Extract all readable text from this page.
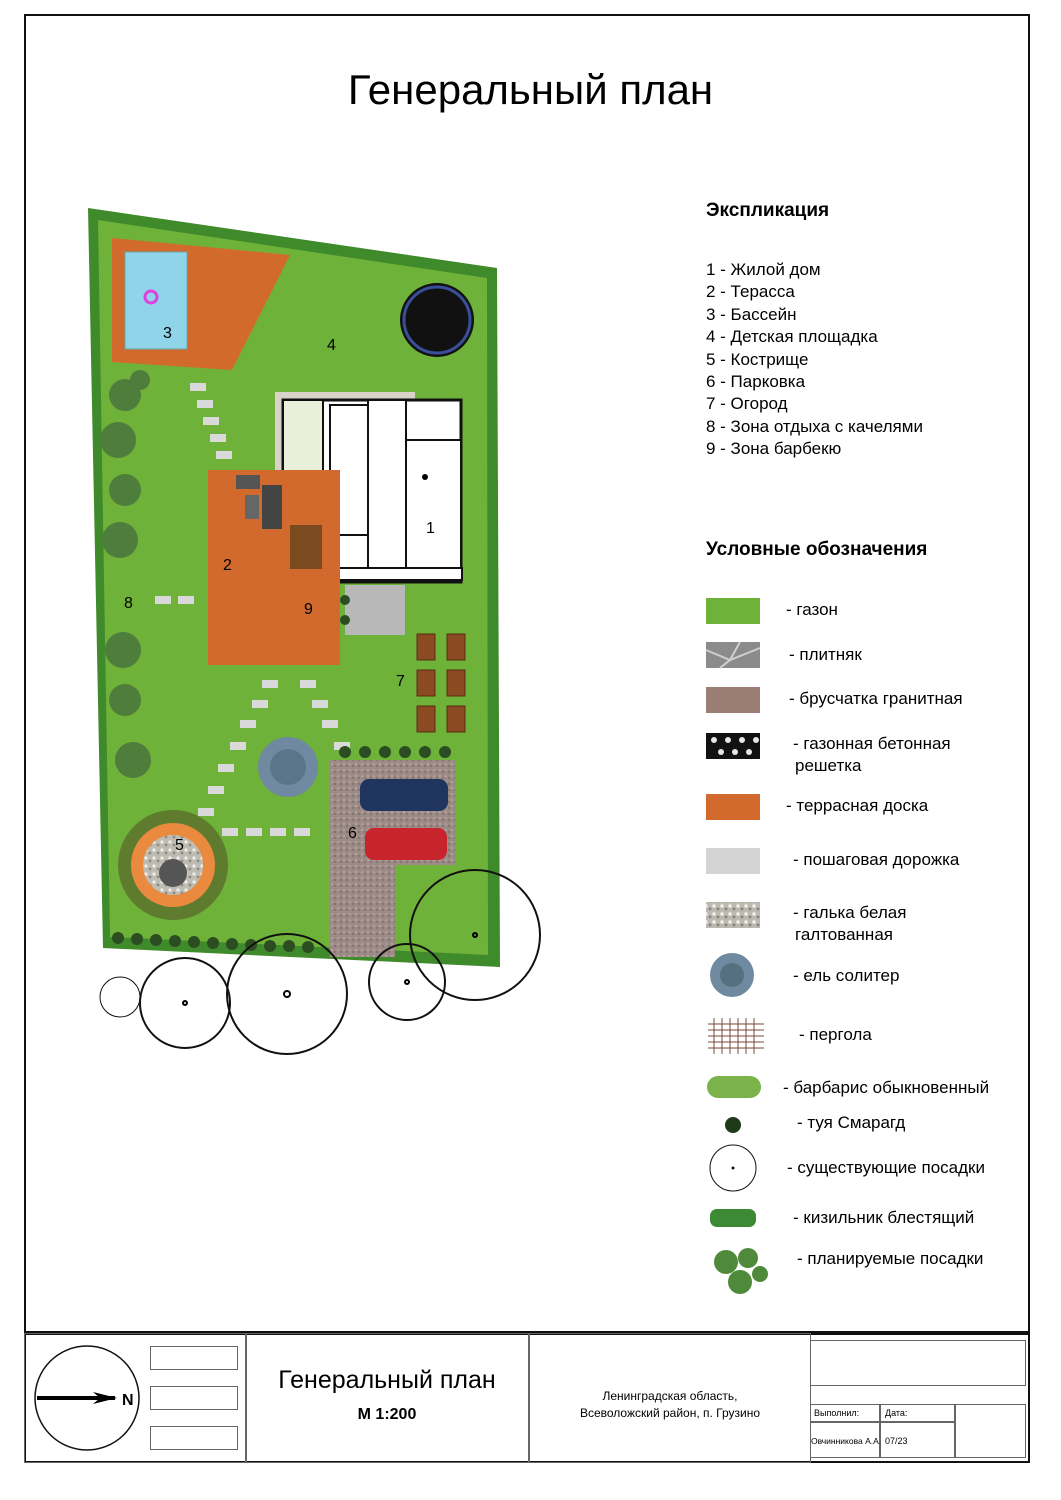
Генеральный план
1
2
3
4
5
6
7
8	9
Экспликация
1 - Жилой дом
2 - Терасса
3 - Бассейн
4 - Детская площадка
5 - Кострище
6 - Парковка
7 - Огород
8 - Зона отдыха с качелями
9 - Зона барбекю
Условные обозначения
- газон
- плитняк
- брусчатка гранитная
- газонная бетонная
решетка
- террасная доска
- пошаговая дорожка
- галька белая
галтованная
- ель солитер
- пергола
- барбарис обыкновенный
- туя Смарагд
- существующие посадки
- кизильник блестящий
- планируемые посадки
N
Генеральный план
М 1:200
Ленинградская область,
Всеволожский район, п. Грузино	Выполнил:	Дата:
Овчинникова А.А. 07/23
